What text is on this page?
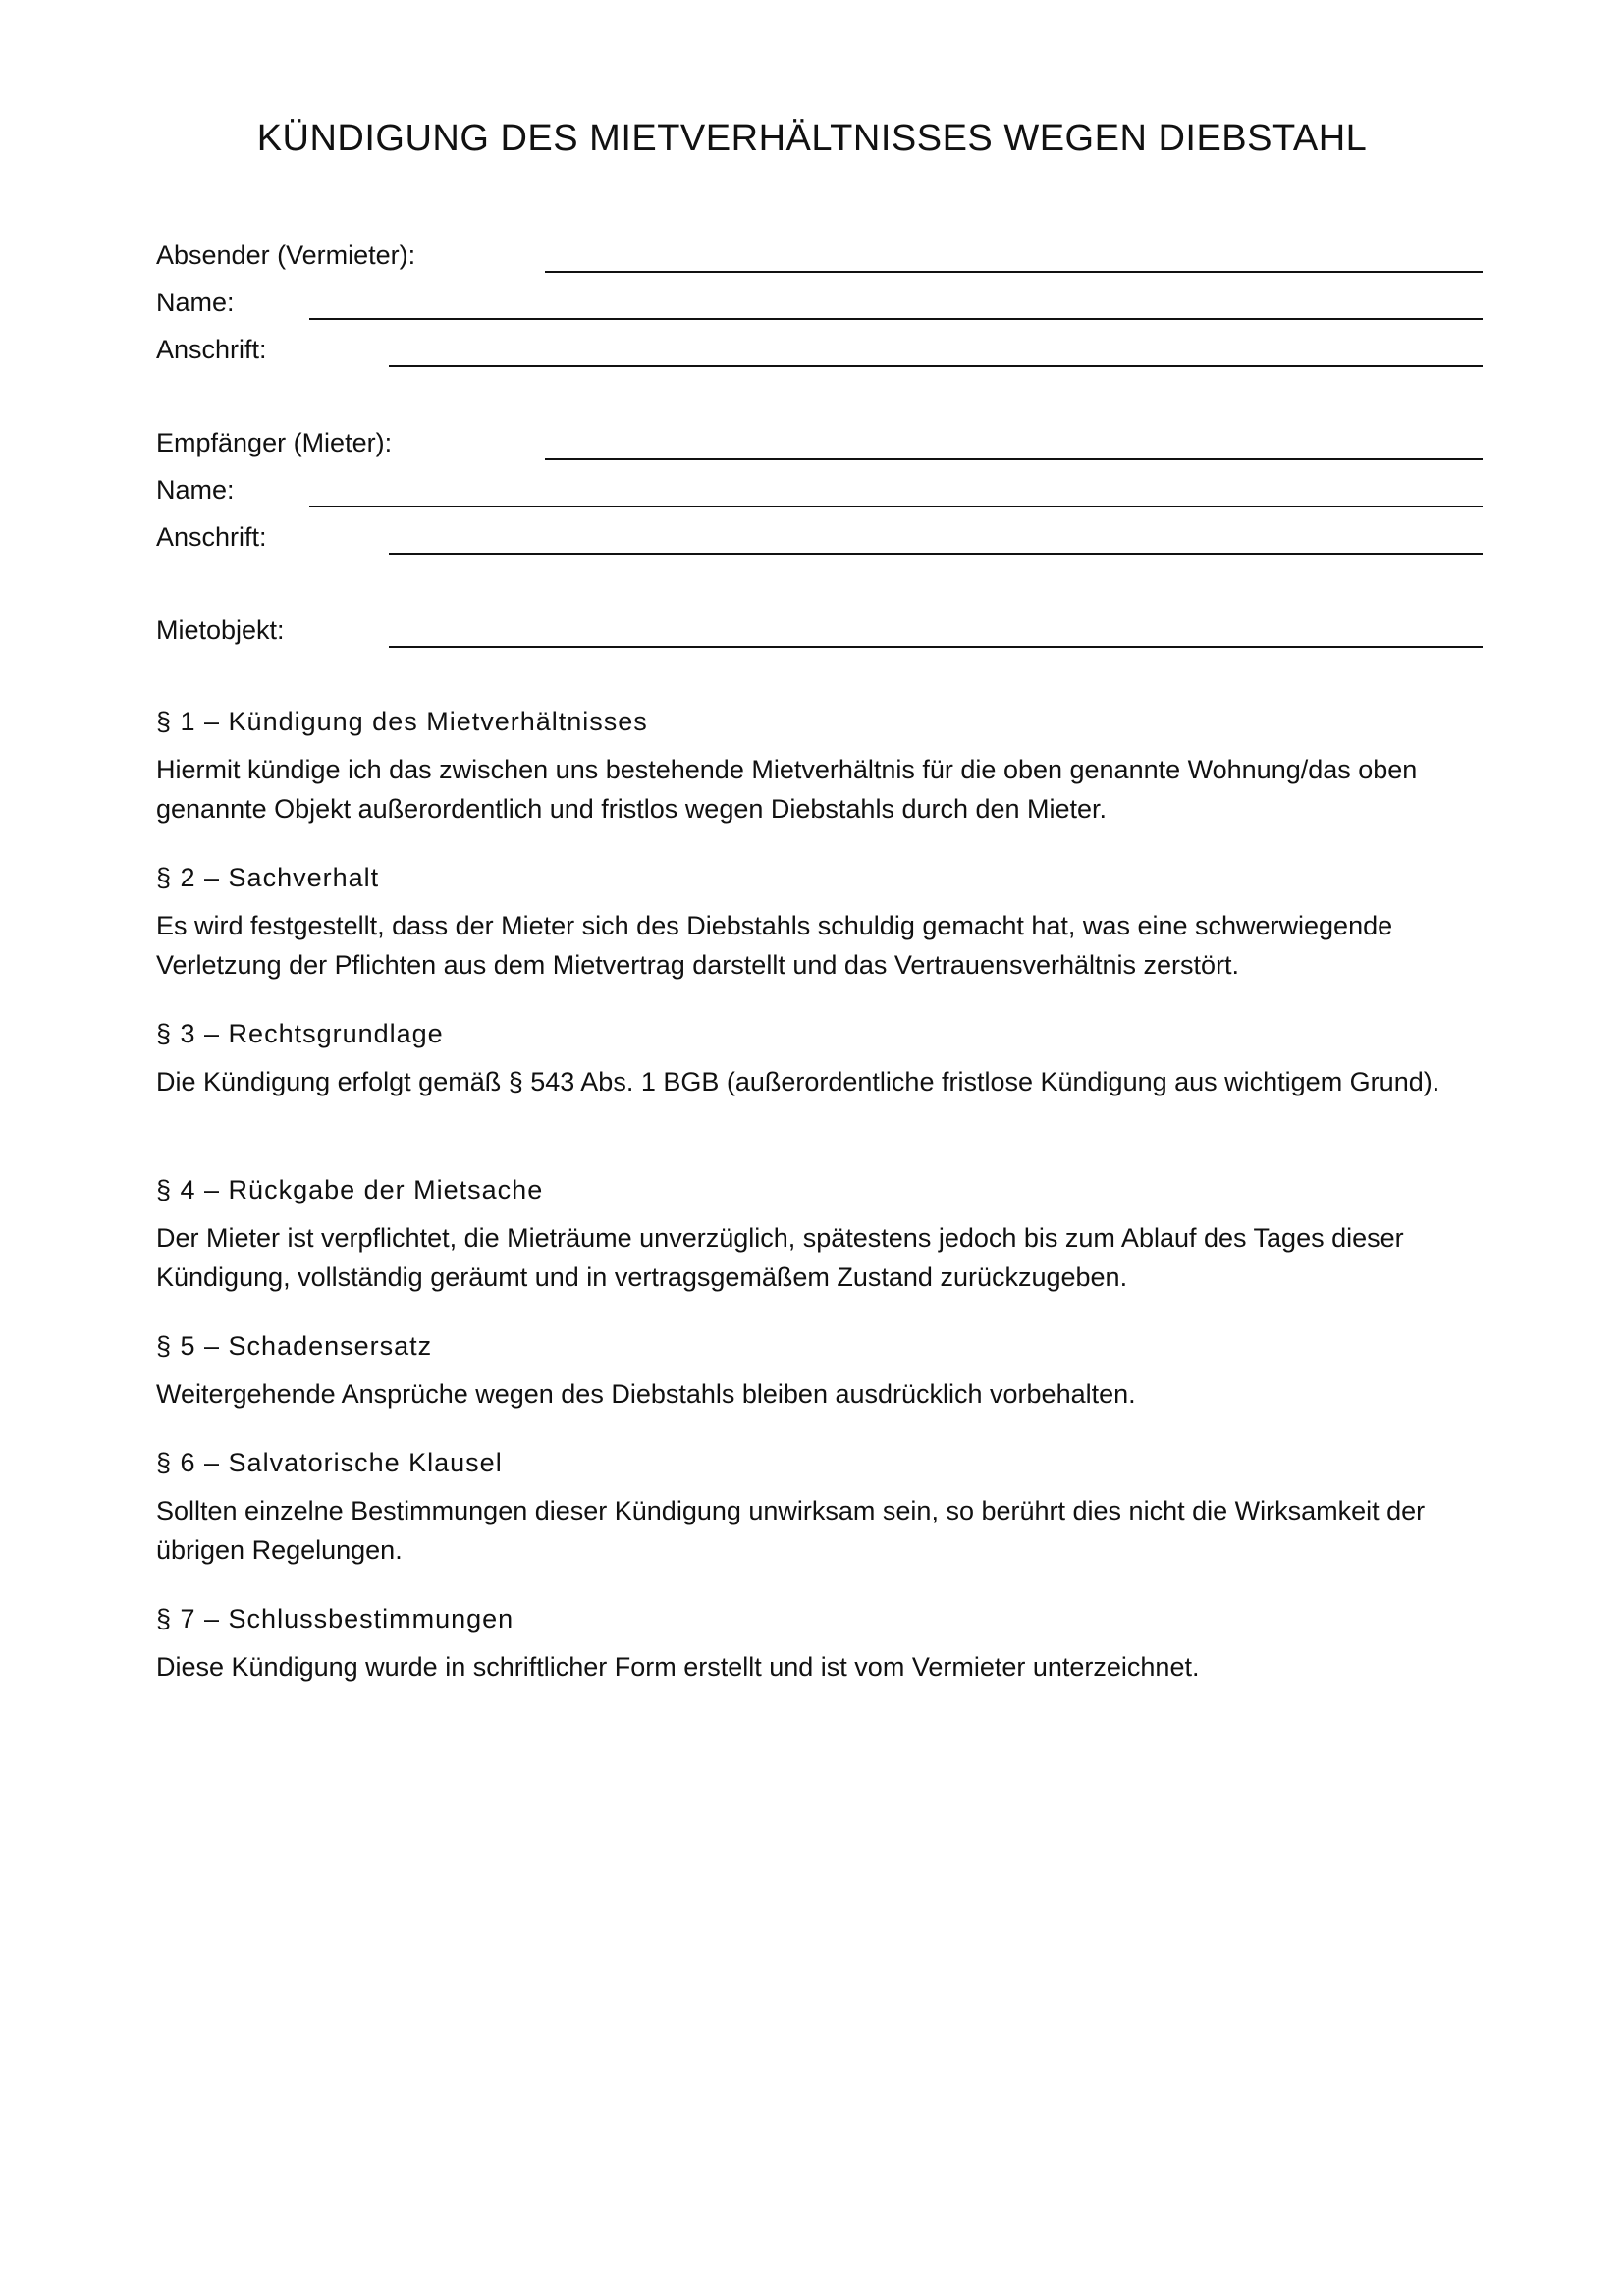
KÜNDIGUNG DES MIETVERHÄLTNISSES WEGEN DIEBSTAHL
Absender (Vermieter):
Name:
Anschrift:
Empfänger (Mieter):
Name:
Anschrift:
Mietobjekt:
§ 1 – Kündigung des Mietverhältnisses

Hiermit kündige ich das zwischen uns bestehende Mietverhältnis für die oben genannte Wohnung/das oben genannte Objekt außerordentlich und fristlos wegen Diebstahls durch den Mieter.

§ 2 – Sachverhalt

Es wird festgestellt, dass der Mieter sich des Diebstahls schuldig gemacht hat, was eine schwerwiegende Verletzung der Pflichten aus dem Mietvertrag darstellt und das Vertrauensverhältnis zerstört.

§ 3 – Rechtsgrundlage

Die Kündigung erfolgt gemäß § 543 Abs. 1 BGB (außerordentliche fristlose Kündigung aus wichtigem Grund).

§ 4 – Rückgabe der Mietsache

Der Mieter ist verpflichtet, die Mieträume unverzüglich, spätestens jedoch bis zum Ablauf des Tages dieser Kündigung, vollständig geräumt und in vertragsgemäßem Zustand zurückzugeben.

§ 5 – Schadensersatz

Weitergehende Ansprüche wegen des Diebstahls bleiben ausdrücklich vorbehalten.

§ 6 – Salvatorische Klausel

Sollten einzelne Bestimmungen dieser Kündigung unwirksam sein, so berührt dies nicht die Wirksamkeit der übrigen Regelungen.

§ 7 – Schlussbestimmungen

Diese Kündigung wurde in schriftlicher Form erstellt und ist vom Vermieter unterzeichnet.
